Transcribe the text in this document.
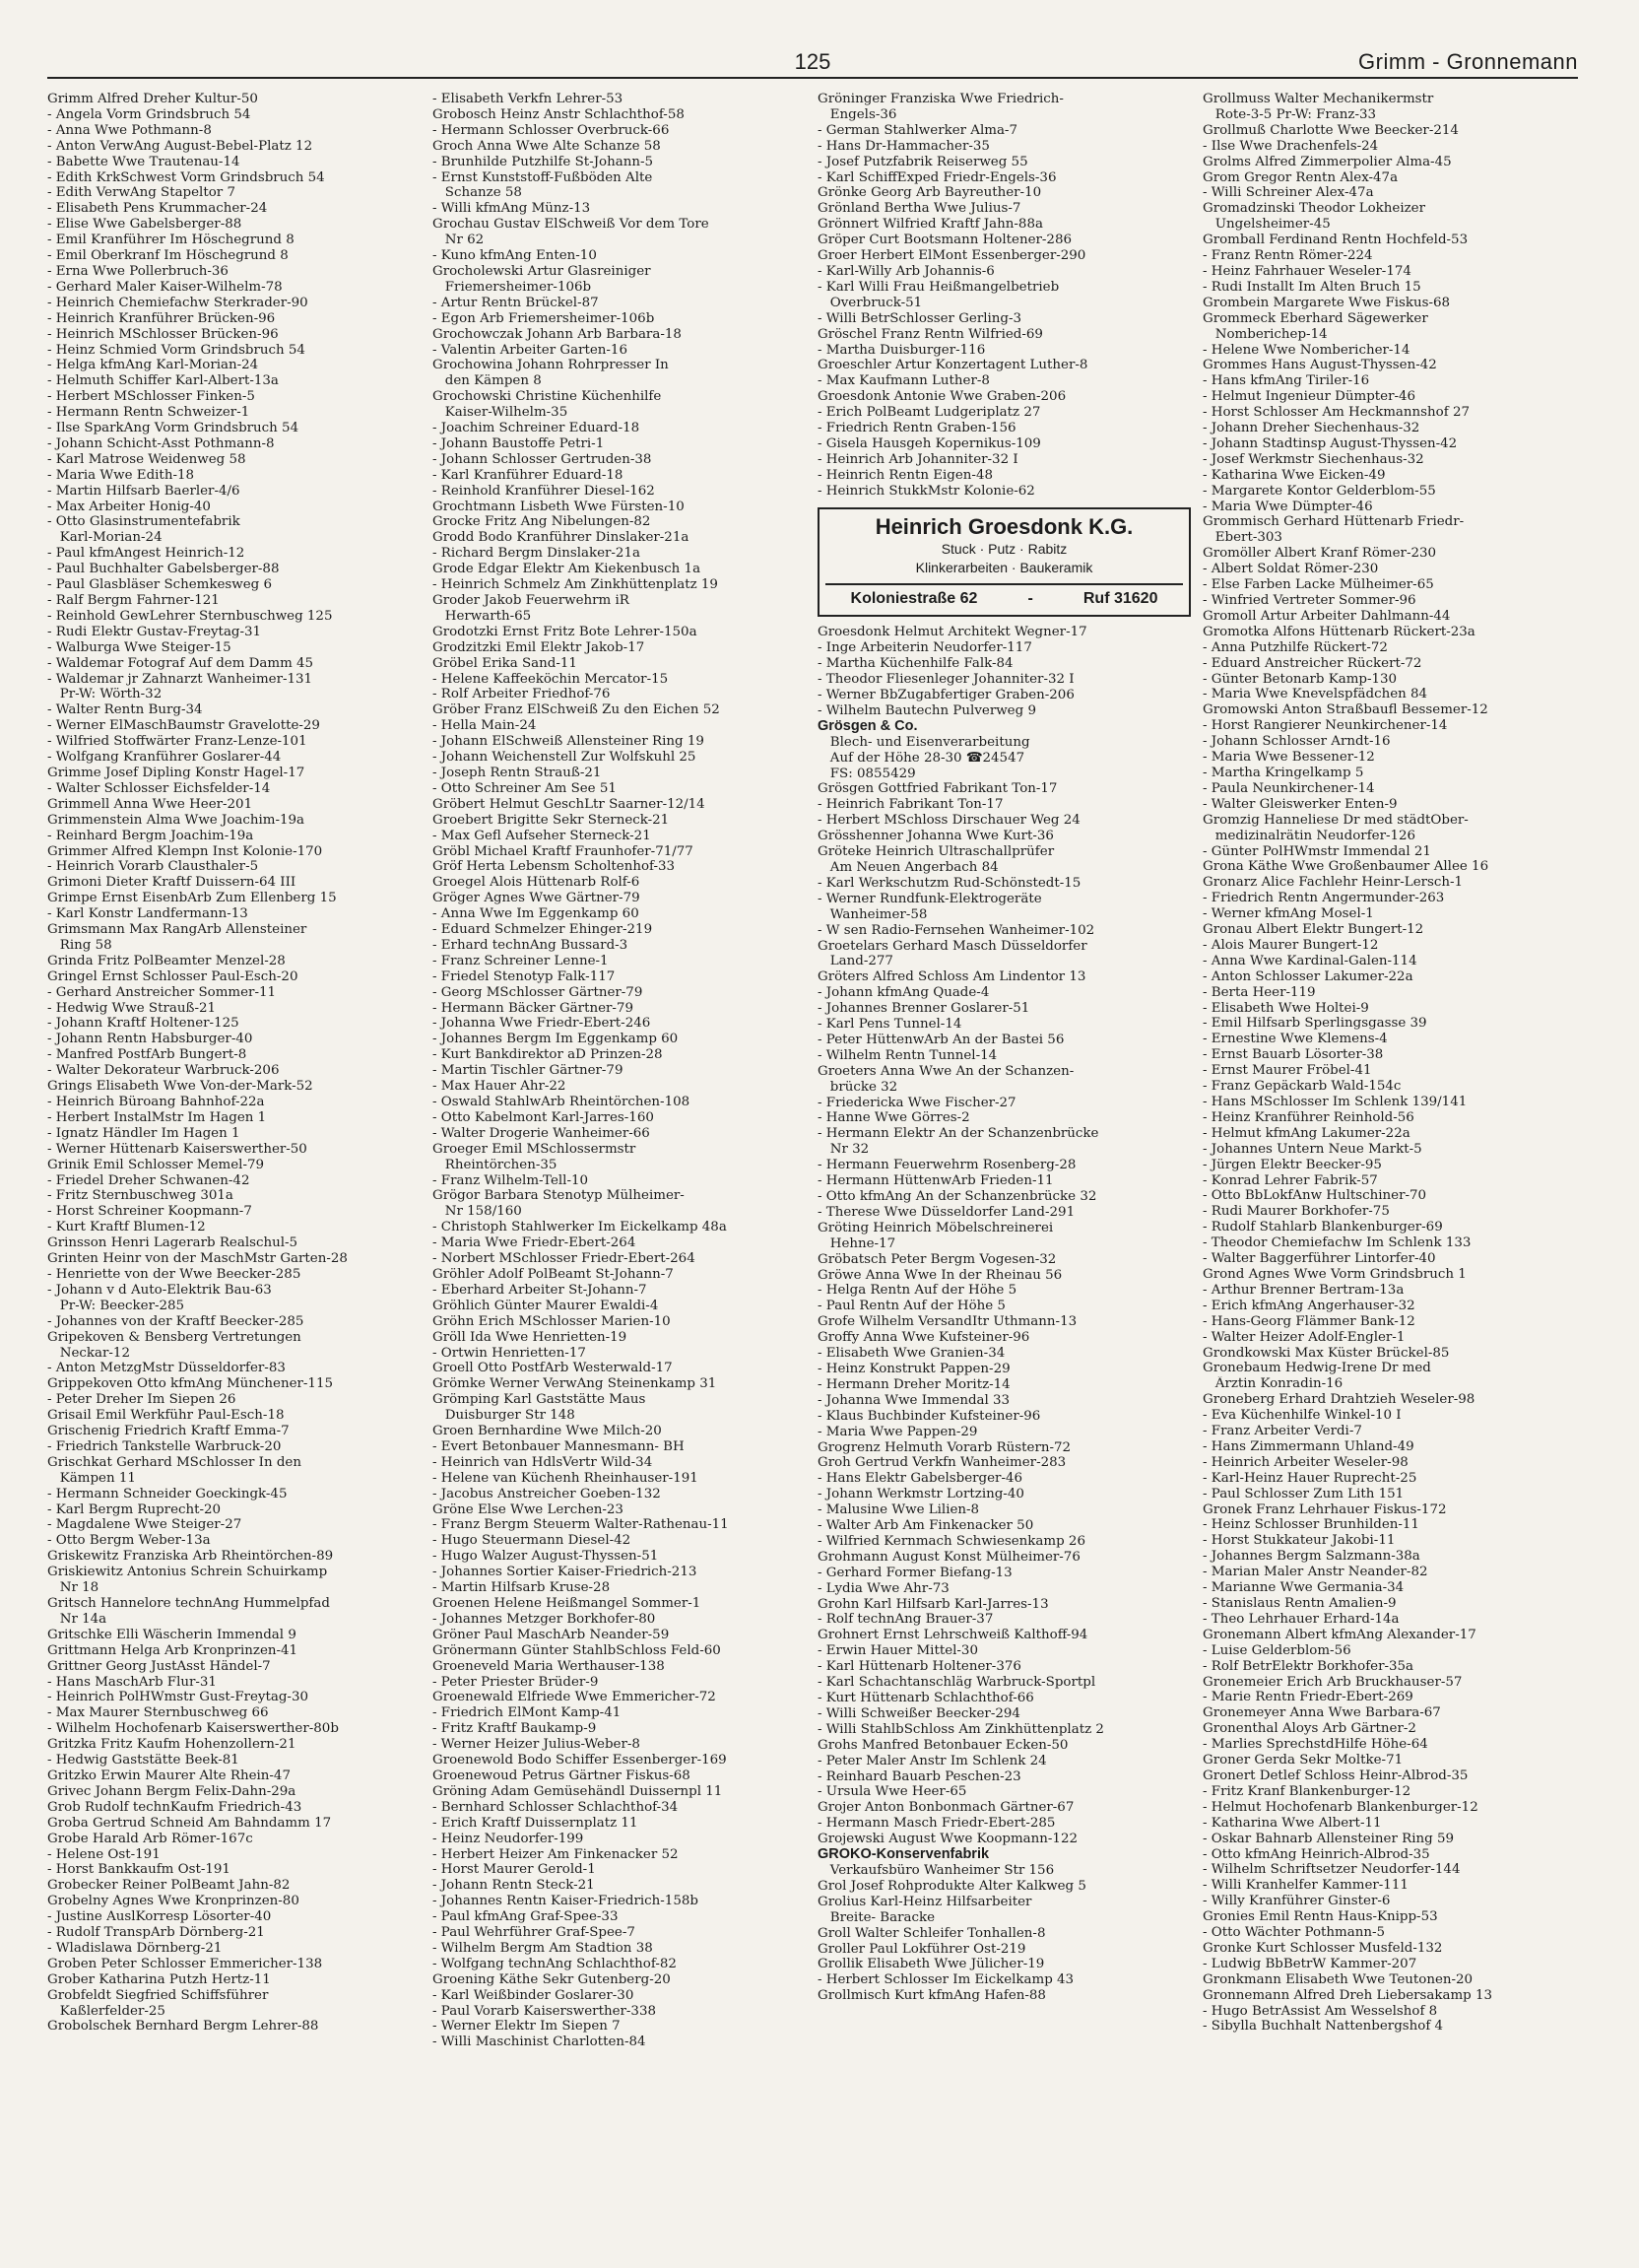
125	Grimm - Gronnemann
Grimm Alfred Dreher Kultur-50
- Angela Vorm Grindsbruch 54
- Anna Wwe Pothmann-8
- Anton VerwAng August-Bebel-Platz 12
- Babette Wwe Trautenau-14
- Edith KrkSchwest Vorm Grindsbruch 54
- Edith VerwAng Stapeltor 7
- Elisabeth Pens Krummacher-24
- Elise Wwe Gabelsberger-88
- Emil Kranführer Im Höschegrund 8
- Emil Oberkranf Im Höschegrund 8
- Erna Wwe Pollerbruch-36
- Gerhard Maler Kaiser-Wilhelm-78
- Heinrich Chemiefachw Sterkrader-90
- Heinrich Kranführer Brücken-96
- Heinrich MSchlosser Brücken-96
- Heinz Schmied Vorm Grindsbruch 54
- Helga kfmAng Karl-Morian-24
- Helmuth Schiffer Karl-Albert-13a
- Herbert MSchlosser Finken-5
- Hermann Rentn Schweizer-1
- Ilse SparkAng Vorm Grindsbruch 54
- Johann Schicht-Asst Pothmann-8
- Karl Matrose Weidenweg 58
- Maria Wwe Edith-18
- Martin Hilfsarb Baerler-4/6
- Max Arbeiter Honig-40
- Otto Glasinstrumentefabrik
Karl-Morian-24
- Paul kfmAngest Heinrich-12
- Paul Buchhalter Gabelsberger-88
- Paul Glasbläser Schemkesweg 6
- Ralf Bergm Fahrner-121
- Reinhold GewLehrer Sternbuschweg 125
- Rudi Elektr Gustav-Freytag-31
- Walburga Wwe Steiger-15
- Waldemar Fotograf Auf dem Damm 45
- Waldemar jr Zahnarzt Wanheimer-131
Pr-W: Wörth-32
- Walter Rentn Burg-34
- Werner ElMaschBaumstr Gravelotte-29
- Wilfried Stoffwärter Franz-Lenze-101
- Wolfgang Kranführer Goslarer-44
Grimme Josef Dipling Konstr Hagel-17
- Walter Schlosser Eichsfelder-14
Grimmell Anna Wwe Heer-201
Grimmenstein Alma Wwe Joachim-19a
- Reinhard Bergm Joachim-19a
Grimmer Alfred Klempn Inst Kolonie-170
- Heinrich Vorarb Clausthaler-5
Grimoni Dieter Kraftf Duissern-64 III
Grimpe Ernst EisenbArb Zum Ellenberg 15
- Karl Konstr Landfermann-13
Grimsmann Max RangArb Allensteiner
Ring 58
Grinda Fritz PolBeamter Menzel-28
Gringel Ernst Schlosser Paul-Esch-20
- Gerhard Anstreicher Sommer-11
- Hedwig Wwe Strauß-21
- Johann Kraftf Holtener-125
- Johann Rentn Habsburger-40
- Manfred PostfArb Bungert-8
- Walter Dekorateur Warbruck-206
Grings Elisabeth Wwe Von-der-Mark-52
- Heinrich Büroang Bahnhof-22a
- Herbert InstalMstr Im Hagen 1
- Ignatz Händler Im Hagen 1
- Werner Hüttenarb Kaiserswerther-50
Grinik Emil Schlosser Memel-79
- Friedel Dreher Schwanen-42
- Fritz Sternbuschweg 301a
- Horst Schreiner Koopmann-7
- Kurt Kraftf Blumen-12
Grinsson Henri Lagerarb Realschul-5
Grinten Heinr von der MaschMstr Garten-28
- Henriette von der Wwe Beecker-285
- Johann v d Auto-Elektrik Bau-63
Pr-W: Beecker-285
- Johannes von der Kraftf Beecker-285
Gripekoven & Bensberg Vertretungen
Neckar-12
- Anton MetzgMstr Düsseldorfer-83
Grippekoven Otto kfmAng Münchener-115
- Peter Dreher Im Siepen 26
Grisail Emil Werkführ Paul-Esch-18
Grischenig Friedrich Kraftf Emma-7
- Friedrich Tankstelle Warbruck-20
Grischkat Gerhard MSchlosser In den
Kämpen 11
- Hermann Schneider Goeckingk-45
- Karl Bergm Ruprecht-20
- Magdalene Wwe Steiger-27
- Otto Bergm Weber-13a
Griskewitz Franziska Arb Rheintörchen-89
Griskiewitz Antonius Schrein Schuirkamp
Nr 18
Gritsch Hannelore technAng Hummelpfad
Nr 14a
Gritschke Elli Wäscherin Immendal 9
Grittmann Helga Arb Kronprinzen-41
Grittner Georg JustAsst Händel-7
- Hans MaschArb Flur-31
- Heinrich PolHWmstr Gust-Freytag-30
- Max Maurer Sternbuschweg 66
- Wilhelm Hochofenarb Kaiserswerther-80b
Gritzka Fritz Kaufm Hohenzollern-21
- Hedwig Gaststätte Beek-81
Gritzko Erwin Maurer Alte Rhein-47
Grivec Johann Bergm Felix-Dahn-29a
Grob Rudolf technKaufm Friedrich-43
Groba Gertrud Schneid Am Bahndamm 17
Grobe Harald Arb Römer-167c
- Helene Ost-191
- Horst Bankkaufm Ost-191
Grobecker Reiner PolBeamt Jahn-82
Grobelny Agnes Wwe Kronprinzen-80
- Justine AuslKorresp Lösorter-40
- Rudolf TranspArb Dörnberg-21
- Wladislawa Dörnberg-21
Groben Peter Schlosser Emmericher-138
Grober Katharina Putzh Hertz-11
Grobfeldt Siegfried Schiffsführer
Kaßlerfelder-25
Grobolschek Bernhard Bergm Lehrer-88
- Elisabeth Verkfn Lehrer-53
Grobosch Heinz Anstr Schlachthof-58
- Hermann Schlosser Overbruck-66
Groch Anna Wwe Alte Schanze 58
- Brunhilde Putzhilfe St-Johann-5
- Ernst Kunststoff-Fußböden Alte
Schanze 58
- Willi kfmAng Münz-13
Grochau Gustav ElSchweiß Vor dem Tore
Nr 62
- Kuno kfmAng Enten-10
Grocholewski Artur Glasreiniger
Friemersheimer-106b
- Artur Rentn Brückel-87
- Egon Arb Friemersheimer-106b
Grochowczak Johann Arb Barbara-18
- Valentin Arbeiter Garten-16
Grochowina Johann Rohrpresser In
den Kämpen 8
Grochowski Christine Küchenhilfe
Kaiser-Wilhelm-35
- Joachim Schreiner Eduard-18
- Johann Baustoffe Petri-1
- Johann Schlosser Gertruden-38
- Karl Kranführer Eduard-18
- Reinhold Kranführer Diesel-162
Grochtmann Lisbeth Wwe Fürsten-10
Grocke Fritz Ang Nibelungen-82
Grodd Bodo Kranführer Dinslaker-21a
- Richard Bergm Dinslaker-21a
Grode Edgar Elektr Am Kiekenbusch 1a
- Heinrich Schmelz Am Zinkhüttenplatz 19
Groder Jakob Feuerwehrm iR
Herwarth-65
Grodotzki Ernst Fritz Bote Lehrer-150a
Grodzitzki Emil Elektr Jakob-17
Gröbel Erika Sand-11
- Helene Kaffeeköchin Mercator-15
- Rolf Arbeiter Friedhof-76
Gröber Franz ElSchweiß Zu den Eichen 52
- Hella Main-24
- Johann ElSchweiß Allensteiner Ring 19
- Johann Weichenstell Zur Wolfskuhl 25
- Joseph Rentn Strauß-21
- Otto Schreiner Am See 51
Gröbert Helmut GeschLtr Saarner-12/14
Groebert Brigitte Sekr Sterneck-21
- Max Gefl Aufseher Sterneck-21
Gröbl Michael Kraftf Fraunhofer-71/77
Gröf Herta Lebensm Scholtenhof-33
Groegel Alois Hüttenarb Rolf-6
Gröger Agnes Wwe Gärtner-79
- Anna Wwe Im Eggenkamp 60
- Eduard Schmelzer Ehinger-219
- Erhard technAng Bussard-3
- Franz Schreiner Lenne-1
- Friedel Stenotyp Falk-117
- Georg MSchlosser Gärtner-79
- Hermann Bäcker Gärtner-79
- Johanna Wwe Friedr-Ebert-246
- Johannes Bergm Im Eggenkamp 60
- Kurt Bankdirektor aD Prinzen-28
- Martin Tischler Gärtner-79
- Max Hauer Ahr-22
- Oswald StahlwArb Rheintörchen-108
- Otto Kabelmont Karl-Jarres-160
- Walter Drogerie Wanheimer-66
Groeger Emil MSchlossermstr
Rheintörchen-35
- Franz Wilhelm-Tell-10
Grögor Barbara Stenotyp Mülheimer-
Nr 158/160
- Christoph Stahlwerker Im Eickelkamp 48a
- Maria Wwe Friedr-Ebert-264
- Norbert MSchlosser Friedr-Ebert-264
Gröhler Adolf PolBeamt St-Johann-7
- Eberhard Arbeiter St-Johann-7
Gröhlich Günter Maurer Ewaldi-4
Gröhn Erich MSchlosser Marien-10
Gröll Ida Wwe Henrietten-19
- Ortwin Henrietten-17
Groell Otto PostfArb Westerwald-17
Grömke Werner VerwAng Steinenkamp 31
Grömping Karl Gaststätte Maus
Duisburger Str 148
Groen Bernhardine Wwe Milch-20
- Evert Betonbauer Mannesmann- BH
- Heinrich van HdlsVertr Wild-34
- Helene van Küchenh Rheinhauser-191
- Jacobus Anstreicher Goeben-132
Gröne Else Wwe Lerchen-23
- Franz Bergm Steuerm Walter-Rathenau-11
- Hugo Steuermann Diesel-42
- Hugo Walzer August-Thyssen-51
- Johannes Sortier Kaiser-Friedrich-213
- Martin Hilfsarb Kruse-28
Groenen Helene Heißmangel Sommer-1
- Johannes Metzger Borkhofer-80
Gröner Paul MaschArb Neander-59
Grönermann Günter StahlbSchloss Feld-60
Groeneveld Maria Werthauser-138
- Peter Priester Brüder-9
Groenewald Elfriede Wwe Emmericher-72
- Friedrich ElMont Kamp-41
- Fritz Kraftf Baukamp-9
- Werner Heizer Julius-Weber-8
Groenewold Bodo Schiffer Essenberger-169
Groenewoud Petrus Gärtner Fiskus-68
Gröning Adam Gemüsehändl Duissernpl 11
- Bernhard Schlosser Schlachthof-34
- Erich Kraftf Duissernplatz 11
- Heinz Neudorfer-199
- Herbert Heizer Am Finkenacker 52
- Horst Maurer Gerold-1
- Johann Rentn Steck-21
- Johannes Rentn Kaiser-Friedrich-158b
- Paul kfmAng Graf-Spee-33
- Paul Wehrführer Graf-Spee-7
- Wilhelm Bergm Am Stadtion 38
- Wolfgang technAng Schlachthof-82
Groening Käthe Sekr Gutenberg-20
- Karl Weißbinder Goslarer-30
- Paul Vorarb Kaiserswerther-338
- Werner Elektr Im Siepen 7
- Willi Maschinist Charlotten-84
Gröninger Franziska Wwe Friedrich-
Engels-36
- German Stahlwerker Alma-7
- Hans Dr-Hammacher-35
- Josef Putzfabrik Reiserweg 55
- Karl SchiffExped Friedr-Engels-36
Grönke Georg Arb Bayreuther-10
Grönland Bertha Wwe Julius-7
Grönnert Wilfried Kraftf Jahn-88a
Gröper Curt Bootsmann Holtener-286
Groer Herbert ElMont Essenberger-290
- Karl-Willy Arb Johannis-6
- Karl Willi Frau Heißmangelbetrieb
Overbruck-51
- Willi BetrSchlosser Gerling-3
Gröschel Franz Rentn Wilfried-69
- Martha Duisburger-116
Groeschler Artur Konzertagent Luther-8
- Max Kaufmann Luther-8
Groesdonk Antonie Wwe Graben-206
- Erich PolBeamt Ludgeriplatz 27
- Friedrich Rentn Graben-156
- Gisela Hausgeh Kopernikus-109
- Heinrich Arb Johanniter-32 I
- Heinrich Rentn Eigen-48
- Heinrich StukkMstr Kolonie-62
Heinrich Groesdonk K.G.
Stuck · Putz · Rabitz
Klinkerarbeiten · Baukeramik
Koloniestraße 62	-	Ruf 31620
Groesdonk Helmut Architekt Wegner-17
- Inge Arbeiterin Neudorfer-117
- Martha Küchenhilfe Falk-84
- Theodor Fliesenleger Johanniter-32 I
- Werner BbZugabfertiger Graben-206
- Wilhelm Bautechn Pulverweg 9
Grösgen & Co.
Blech- und Eisenverarbeitung
Auf der Höhe 28-30 ☎24547
FS: 0855429
Grösgen Gottfried Fabrikant Ton-17
- Heinrich Fabrikant Ton-17
- Herbert MSchloss Dirschauer Weg 24
Grösshenner Johanna Wwe Kurt-36
Gröteke Heinrich Ultraschallprüfer
Am Neuen Angerbach 84
- Karl Werkschutzm Rud-Schönstedt-15
- Werner Rundfunk-Elektrogeräte
Wanheimer-58
- W sen Radio-Fernsehen Wanheimer-102
Groetelars Gerhard Masch Düsseldorfer
Land-277
Gröters Alfred Schloss Am Lindentor 13
- Johann kfmAng Quade-4
- Johannes Brenner Goslarer-51
- Karl Pens Tunnel-14
- Peter HüttenwArb An der Bastei 56
- Wilhelm Rentn Tunnel-14
Groeters Anna Wwe An der Schanzen-
brücke 32
- Friedericka Wwe Fischer-27
- Hanne Wwe Görres-2
- Hermann Elektr An der Schanzenbrücke
Nr 32
- Hermann Feuerwehrm Rosenberg-28
- Hermann HüttenwArb Frieden-11
- Otto kfmAng An der Schanzenbrücke 32
- Therese Wwe Düsseldorfer Land-291
Gröting Heinrich Möbelschreinerei
Hehne-17
Gröbatsch Peter Bergm Vogesen-32
Gröwe Anna Wwe In der Rheinau 56
- Helga Rentn Auf der Höhe 5
- Paul Rentn Auf der Höhe 5
Grofe Wilhelm VersandItr Uthmann-13
Groffy Anna Wwe Kufsteiner-96
- Elisabeth Wwe Granien-34
- Heinz Konstrukt Pappen-29
- Hermann Dreher Moritz-14
- Johanna Wwe Immendal 33
- Klaus Buchbinder Kufsteiner-96
- Maria Wwe Pappen-29
Grogrenz Helmuth Vorarb Rüstern-72
Groh Gertrud Verkfn Wanheimer-283
- Hans Elektr Gabelsberger-46
- Johann Werkmstr Lortzing-40
- Malusine Wwe Lilien-8
- Walter Arb Am Finkenacker 50
- Wilfried Kernmach Schwiesenkamp 26
Grohmann August Konst Mülheimer-76
- Gerhard Former Biefang-13
- Lydia Wwe Ahr-73
Grohn Karl Hilfsarb Karl-Jarres-13
- Rolf technAng Brauer-37
Grohnert Ernst Lehrschweiß Kalthoff-94
- Erwin Hauer Mittel-30
- Karl Hüttenarb Holtener-376
- Karl Schachtanschläg Warbruck-Sportpl
- Kurt Hüttenarb Schlachthof-66
- Willi Schweißer Beecker-294
- Willi StahlbSchloss Am Zinkhüttenplatz 2
Grohs Manfred Betonbauer Ecken-50
- Peter Maler Anstr Im Schlenk 24
- Reinhard Bauarb Peschen-23
- Ursula Wwe Heer-65
Grojer Anton Bonbonmach Gärtner-67
- Hermann Masch Friedr-Ebert-285
Grojewski August Wwe Koopmann-122
GROKO-Konservenfabrik
Verkaufsbüro Wanheimer Str 156
Grol Josef Rohprodukte Alter Kalkweg 5
Grolius Karl-Heinz Hilfsarbeiter
Breite- Baracke
Groll Walter Schleifer Tonhallen-8
Groller Paul Lokführer Ost-219
Grollik Elisabeth Wwe Jülicher-19
- Herbert Schlosser Im Eickelkamp 43
Grollmisch Kurt kfmAng Hafen-88
Grollmuss Walter Mechanikermstr
Rote-3-5 Pr-W: Franz-33
Grollmuß Charlotte Wwe Beecker-214
- Ilse Wwe Drachenfels-24
Grolms Alfred Zimmerpolier Alma-45
Grom Gregor Rentn Alex-47a
- Willi Schreiner Alex-47a
Gromadzinski Theodor Lokheizer
Ungelsheimer-45
Gromball Ferdinand Rentn Hochfeld-53
- Franz Rentn Römer-224
- Heinz Fahrhauer Weseler-174
- Rudi Installt Im Alten Bruch 15
Grombein Margarete Wwe Fiskus-68
Grommeck Eberhard Sägewerker
Nomberichер-14
- Helene Wwe Nombericher-14
Grommes Hans August-Thyssen-42
- Hans kfmAng Tiriler-16
- Helmut Ingenieur Dümpter-46
- Horst Schlosser Am Heckmannshof 27
- Johann Dreher Siechenhaus-32
- Johann Stadtinsp August-Thyssen-42
- Josef Werkmstr Siechenhaus-32
- Katharina Wwe Eicken-49
- Margarete Kontor Gelderblom-55
- Maria Wwe Dümpter-46
Grommisch Gerhard Hüttenarb Friedr-
Ebert-303
Gromöller Albert Kranf Römer-230
- Albert Soldat Römer-230
- Else Farben Lacke Mülheimer-65
- Winfried Vertreter Sommer-96
Gromoll Artur Arbeiter Dahlmann-44
Gromotka Alfons Hüttenarb Rückert-23a
- Anna Putzhilfe Rückert-72
- Eduard Anstreicher Rückert-72
- Günter Betonarb Kamp-130
- Maria Wwe Knevelspfädchen 84
Gromowski Anton Straßbaufl Bessemer-12
- Horst Rangierer Neunkirchener-14
- Johann Schlosser Arndt-16
- Maria Wwe Bessener-12
- Martha Kringelkamp 5
- Paula Neunkirchener-14
- Walter Gleiswerker Enten-9
Gromzig Hanneliese Dr med städtOber-
medizinalrätin Neudorfer-126
- Günter PolHWmstr Immendal 21
Grona Käthe Wwe Großenbaumer Allee 16
Gronarz Alice Fachlehr Heinr-Lersch-1
- Friedrich Rentn Angermunder-263
- Werner kfmAng Mosel-1
Gronau Albert Elektr Bungert-12
- Alois Maurer Bungert-12
- Anna Wwe Kardinal-Galen-114
- Anton Schlosser Lakumer-22a
- Berta Heer-119
- Elisabeth Wwe Holtei-9
- Emil Hilfsarb Sperlingsgasse 39
- Ernestine Wwe Klemens-4
- Ernst Bauarb Lösorter-38
- Ernst Maurer Fröbel-41
- Franz Gepäckarb Wald-154c
- Hans MSchlosser Im Schlenk 139/141
- Heinz Kranführer Reinhold-56
- Helmut kfmAng Lakumer-22a
- Johannes Untern Neue Markt-5
- Jürgen Elektr Beecker-95
- Konrad Lehrer Fabrik-57
- Otto BbLokfAnw Hultschiner-70
- Rudi Maurer Borkhofer-75
- Rudolf Stahlarb Blankenburger-69
- Theodor Chemiefachw Im Schlenk 133
- Walter Baggerführer Lintorfer-40
Grond Agnes Wwe Vorm Grindsbruch 1
- Arthur Brenner Bertram-13a
- Erich kfmAng Angerhauser-32
- Hans-Georg Flämmer Bank-12
- Walter Heizer Adolf-Engler-1
Grondkowski Max Küster Brückel-85
Gronebaum Hedwig-Irene Dr med
Ärztin Konradin-16
Groneberg Erhard Drahtzieh Weseler-98
- Eva Küchenhilfe Winkel-10 I
- Franz Arbeiter Verdi-7
- Hans Zimmermann Uhland-49
- Heinrich Arbeiter Weseler-98
- Karl-Heinz Hauer Ruprecht-25
- Paul Schlosser Zum Lith 151
Gronek Franz Lehrhauer Fiskus-172
- Heinz Schlosser Brunhilden-11
- Horst Stukkateur Jakobi-11
- Johannes Bergm Salzmann-38a
- Marian Maler Anstr Neander-82
- Marianne Wwe Germania-34
- Stanislaus Rentn Amalien-9
- Theo Lehrhauer Erhard-14a
Gronemann Albert kfmAng Alexander-17
- Luise Gelderblom-56
- Rolf BetrElektr Borkhofer-35a
Gronemeier Erich Arb Bruckhauser-57
- Marie Rentn Friedr-Ebert-269
Gronemeyer Anna Wwe Barbara-67
Gronenthal Aloys Arb Gärtner-2
- Marlies SprechstdHilfe Höhe-64
Groner Gerda Sekr Moltke-71
Gronert Detlef Schloss Heinr-Albrod-35
- Fritz Kranf Blankenburger-12
- Helmut Hochofenarb Blankenburger-12
- Katharina Wwe Albert-11
- Oskar Bahnarb Allensteiner Ring 59
- Otto kfmAng Heinrich-Albrod-35
- Wilhelm Schriftsetzer Neudorfer-144
- Willi Kranhelfer Kammer-111
- Willy Kranführer Ginster-6
Gronies Emil Rentn Haus-Knipp-53
- Otto Wächter Pothmann-5
Gronke Kurt Schlosser Musfeld-132
- Ludwig BbBetrW Kammer-207
Gronkmann Elisabeth Wwe Teutonen-20
Gronnemann Alfred Dreh Liebersakamp 13
- Hugo BetrAssist Am Wesselshof 8
- Sibylla Buchhalt Nattenbergshof 4
